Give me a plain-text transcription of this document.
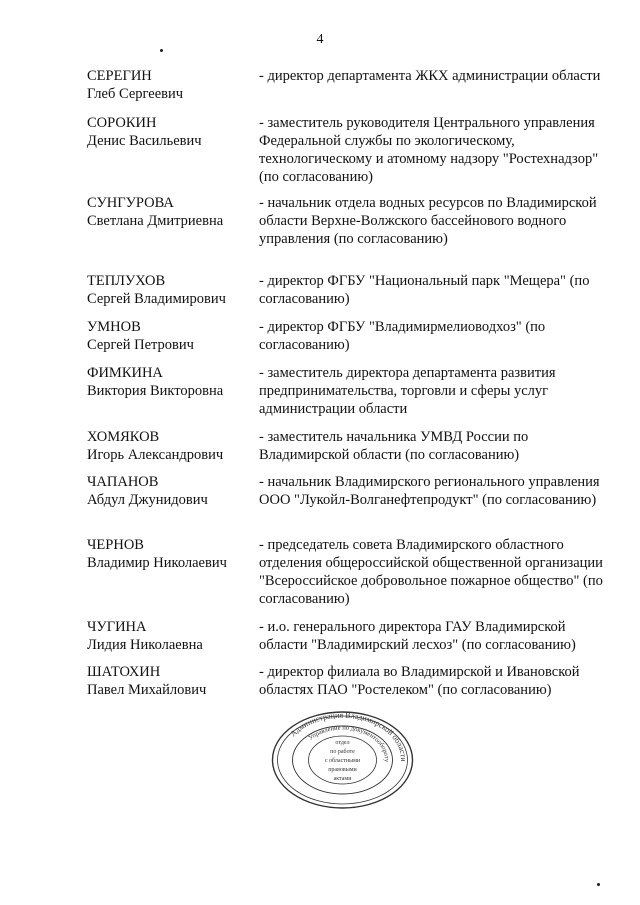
4
СЕРЕГИН
Глеб Сергеевич
- директор департамента ЖКХ администрации области
СОРОКИН
Денис Васильевич
- заместитель руководителя Центрального управления Федеральной службы по экологическому, технологическому и атомному надзору "Ростехнадзор" (по согласованию)
СУНГУРОВА
Светлана Дмитриевна
- начальник отдела водных ресурсов по Владимирской области Верхне-Волжского бассейнового водного управления (по согласованию)
ТЕПЛУХОВ
Сергей Владимирович
- директор ФГБУ "Национальный парк "Мещера" (по согласованию)
УМНОВ
Сергей Петрович
- директор ФГБУ "Владимирмелиоводхоз" (по согласованию)
ФИМКИНА
Виктория Викторовна
- заместитель директора департамента развития предпринимательства, торговли и сферы услуг администрации области
ХОМЯКОВ
Игорь Александрович
- заместитель начальника УМВД России по Владимирской области (по согласованию)
ЧАПАНОВ
Абдул Джунидович
- начальник Владимирского регионального управления ООО "Лукойл-Волганефтепродукт" (по согласованию)
ЧЕРНОВ
Владимир Николаевич
- председатель совета Владимирского областного отделения общероссийской общественной организации "Всероссийское добровольное пожарное общество" (по согласованию)
ЧУГИНА
Лидия Николаевна
- и.о. генерального директора ГАУ Владимирской области "Владимирский лесхоз" (по согласованию)
ШАТОХИН
Павел Михайлович
- директор филиала во Владимирской и Ивановской областях ПАО "Ростелеком" (по согласованию)
Администрация Владимирской области
Управление по документообороту
отдел
по работе
с областными
правовыми
актами
